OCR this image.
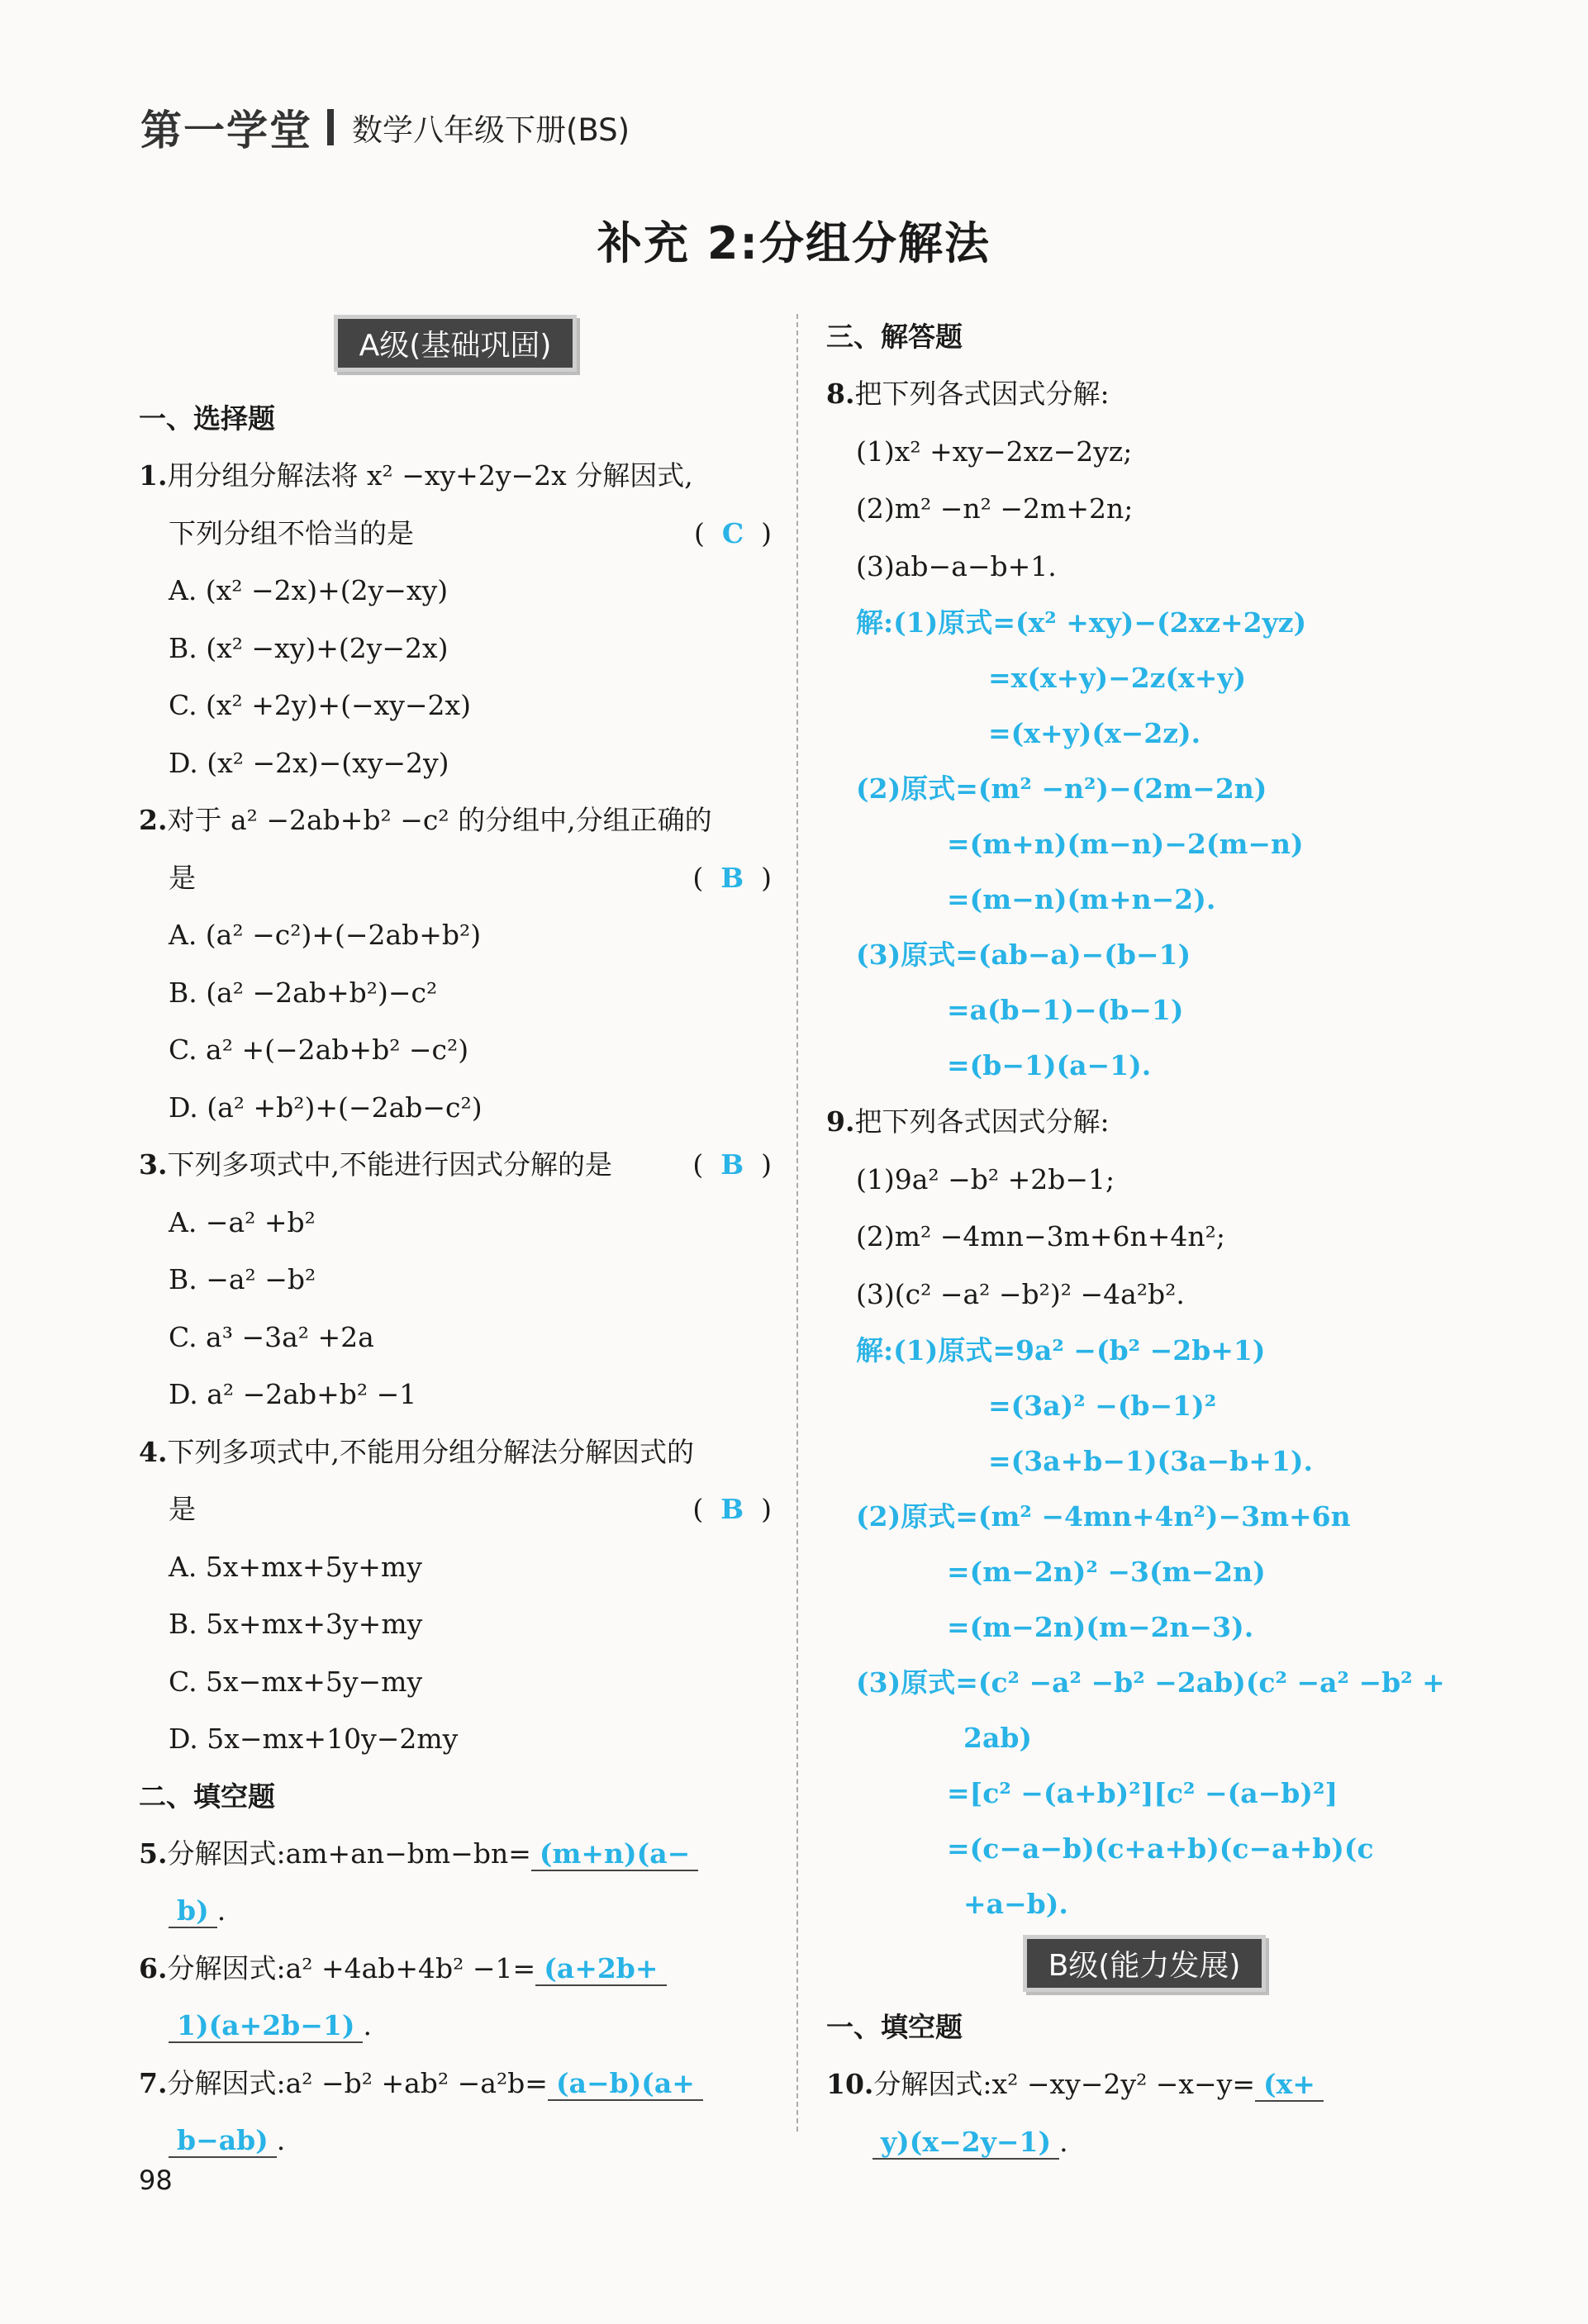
第一学堂 数学八年级下册(BS)
补充 2:分组分解法
A级(基础巩固)
一、选择题
1.用分组分解法将 x² −xy+2y−2x 分解因式,
下列分组不恰当的是	(  C  )
A. (x² −2x)+(2y−xy)
B. (x² −xy)+(2y−2x)
C. (x² +2y)+(−xy−2x)
D. (x² −2x)−(xy−2y)
2.对于 a² −2ab+b² −c² 的分组中,分组正确的
是	(  B  )
A. (a² −c²)+(−2ab+b²)
B. (a² −2ab+b²)−c²
C. a² +(−2ab+b² −c²)
D. (a² +b²)+(−2ab−c²)
3.下列多项式中,不能进行因式分解的是	(  B  )
A. −a² +b²
B. −a² −b²
C. a³ −3a² +2a
D. a² −2ab+b² −1
4.下列多项式中,不能用分组分解法分解因式的
是	(  B  )
A. 5x+mx+5y+my
B. 5x+mx+3y+my
C. 5x−mx+5y−my
D. 5x−mx+10y−2my
二、填空题
5.分解因式:am+an−bm−bn= (m+n)(a−
b) .
6.分解因式:a² +4ab+4b² −1= (a+2b+
1)(a+2b−1) .
7.分解因式:a² −b² +ab² −a²b= (a−b)(a+
b−ab) .
三、解答题
8.把下列各式因式分解:
(1)x² +xy−2xz−2yz;
(2)m² −n² −2m+2n;
(3)ab−a−b+1.
解:(1)原式=(x² +xy)−(2xz+2yz)
=x(x+y)−2z(x+y)
=(x+y)(x−2z).
(2)原式=(m² −n²)−(2m−2n)
=(m+n)(m−n)−2(m−n)
=(m−n)(m+n−2).
(3)原式=(ab−a)−(b−1)
=a(b−1)−(b−1)
=(b−1)(a−1).
9.把下列各式因式分解:
(1)9a² −b² +2b−1;
(2)m² −4mn−3m+6n+4n²;
(3)(c² −a² −b²)² −4a²b².
解:(1)原式=9a² −(b² −2b+1)
=(3a)² −(b−1)²
=(3a+b−1)(3a−b+1).
(2)原式=(m² −4mn+4n²)−3m+6n
=(m−2n)² −3(m−2n)
=(m−2n)(m−2n−3).
(3)原式=(c² −a² −b² −2ab)(c² −a² −b² +
2ab)
=[c² −(a+b)²][c² −(a−b)²]
=(c−a−b)(c+a+b)(c−a+b)(c
+a−b).
B级(能力发展)
一、填空题
10.分解因式:x² −xy−2y² −x−y= (x+
y)(x−2y−1) .
98
